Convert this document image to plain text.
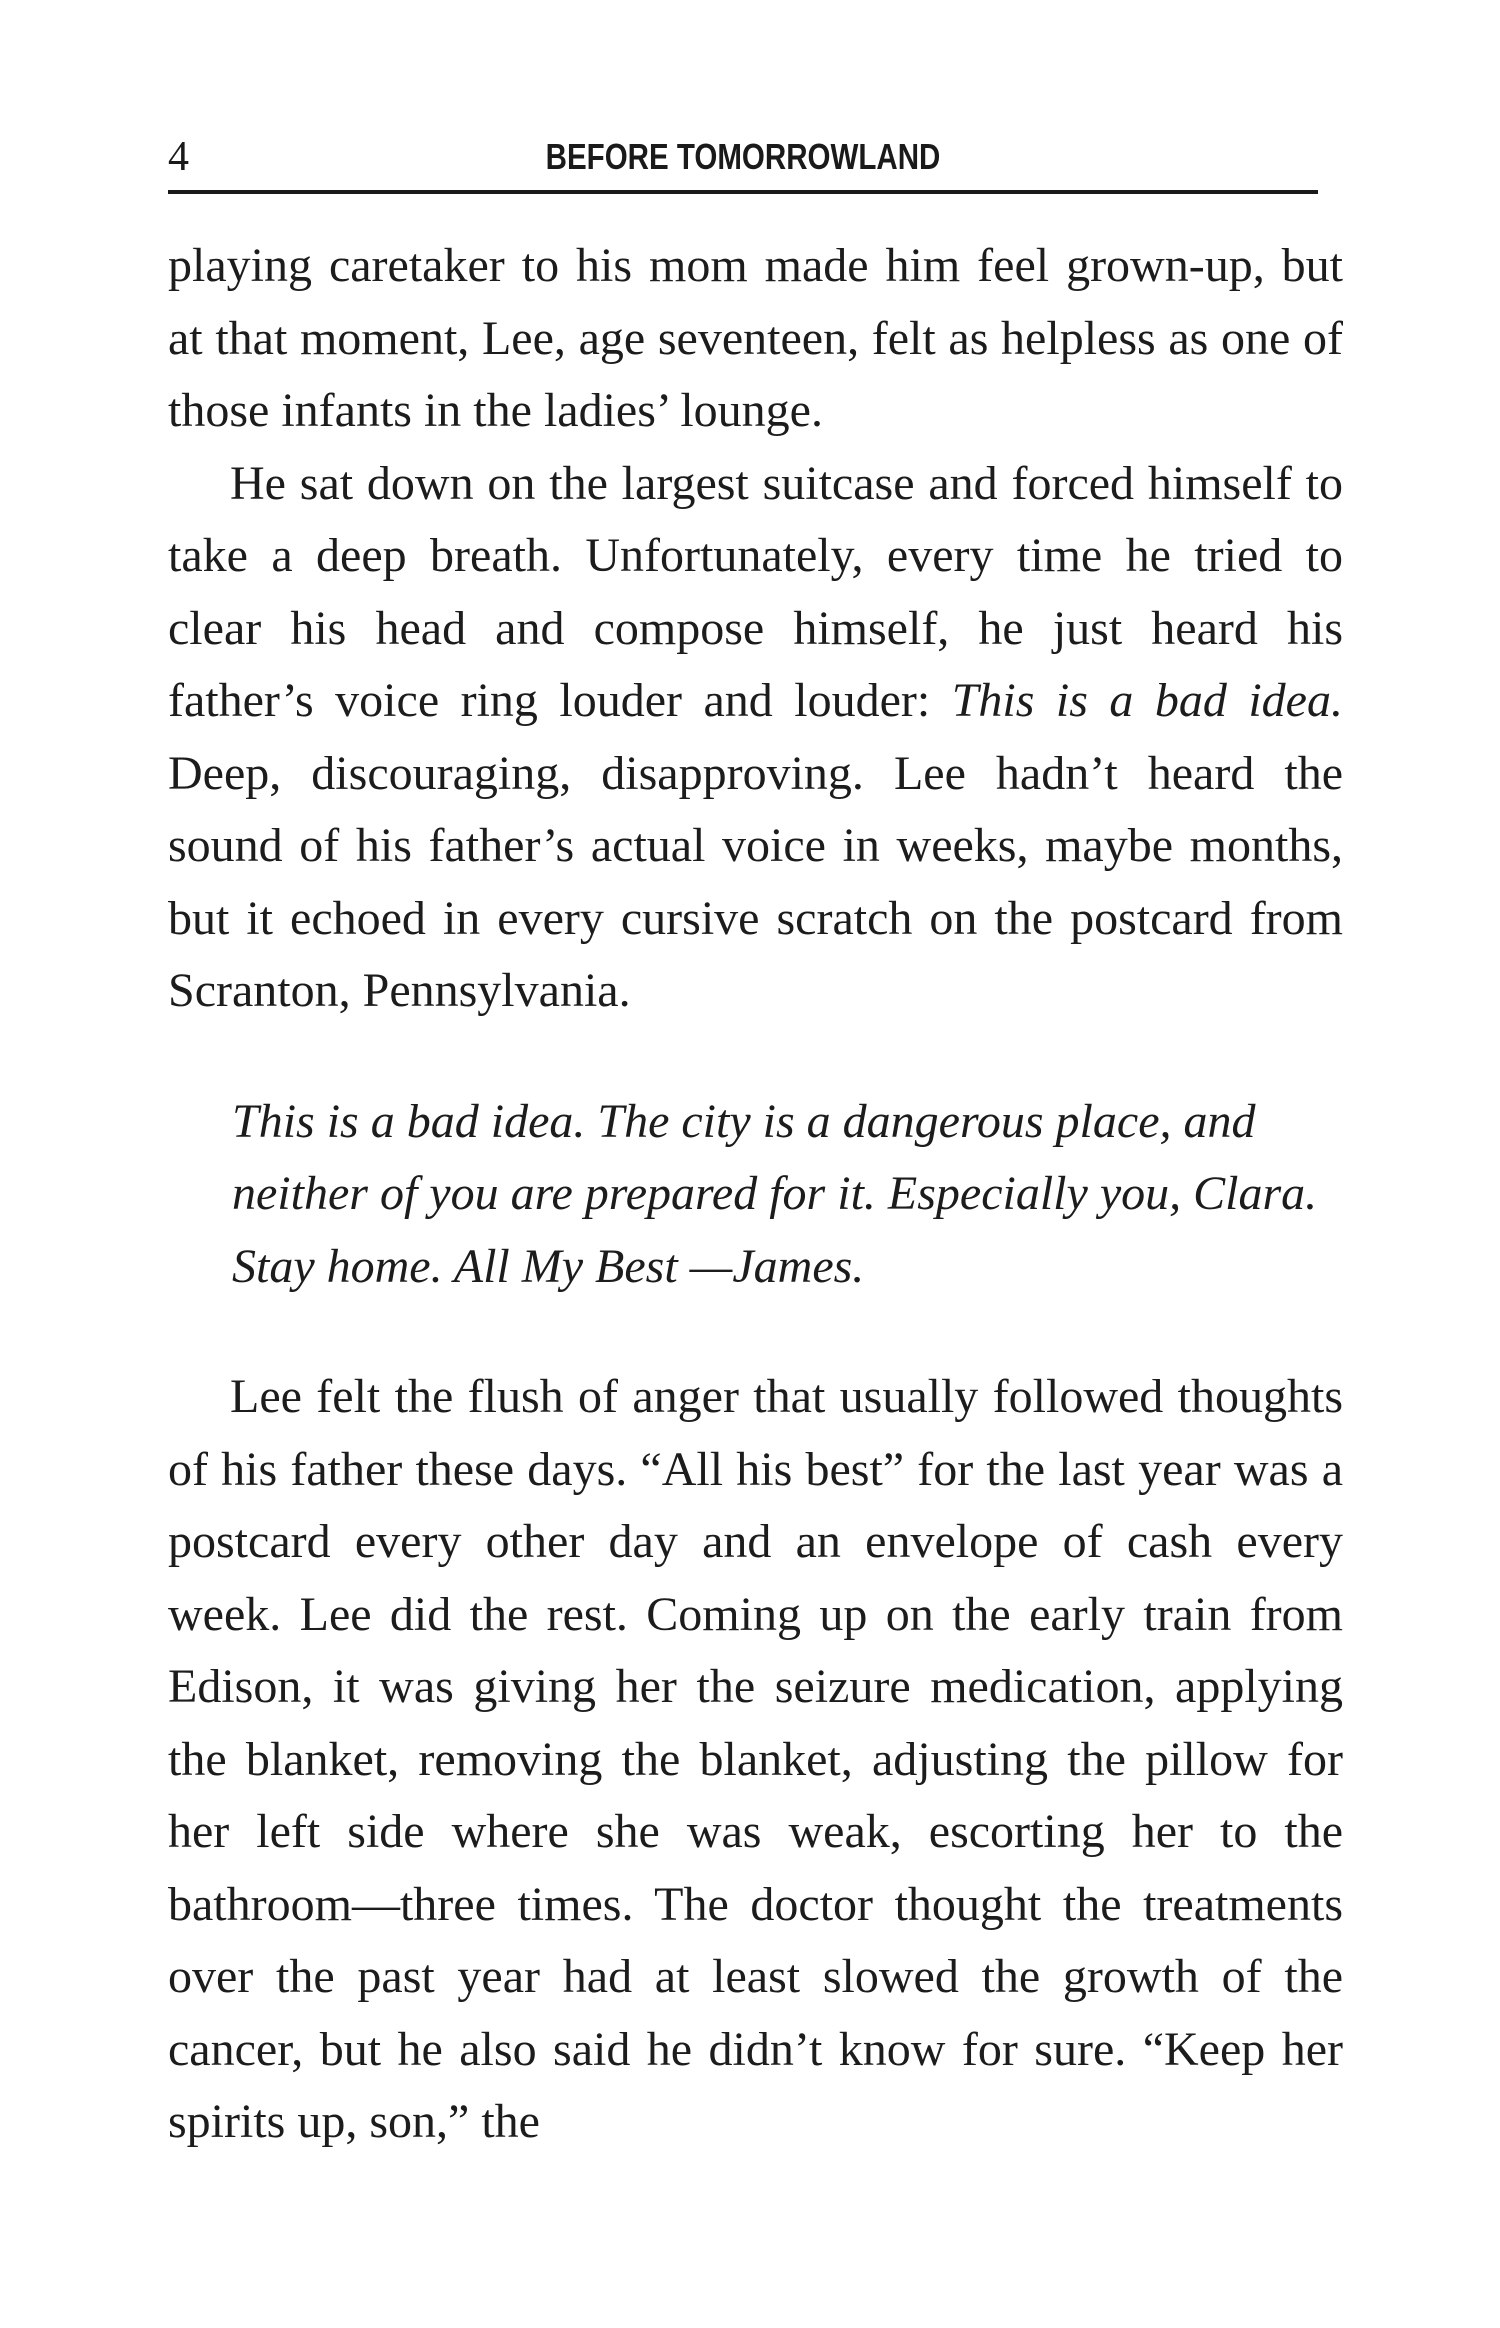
4	BEFORE TOMORROWLAND

playing caretaker to his mom made him feel grown-up, but at that moment, Lee, age seventeen, felt as helpless as one of those infants in the ladies’ lounge.

He sat down on the largest suitcase and forced himself to take a deep breath. Unfortunately, every time he tried to clear his head and compose himself, he just heard his father’s voice ring louder and louder: This is a bad idea. Deep, discouraging, disapproving. Lee hadn’t heard the sound of his father’s actual voice in weeks, maybe months, but it echoed in every cursive scratch on the postcard from Scranton, Pennsylvania.

This is a bad idea. The city is a dangerous place, and
neither of you are prepared for it. Especially you, Clara.
Stay home. All My Best —James.

Lee felt the flush of anger that usually followed thoughts of his father these days. “All his best” for the last year was a postcard every other day and an envelope of cash every week. Lee did the rest. Coming up on the early train from Edison, it was giving her the seizure medication, applying the blanket, removing the blanket, adjusting the pillow for her left side where she was weak, escorting her to the bathroom—three times. The doctor thought the treatments over the past year had at least slowed the growth of the cancer, but he also said he didn’t know for sure. “Keep her spirits up, son,” the
